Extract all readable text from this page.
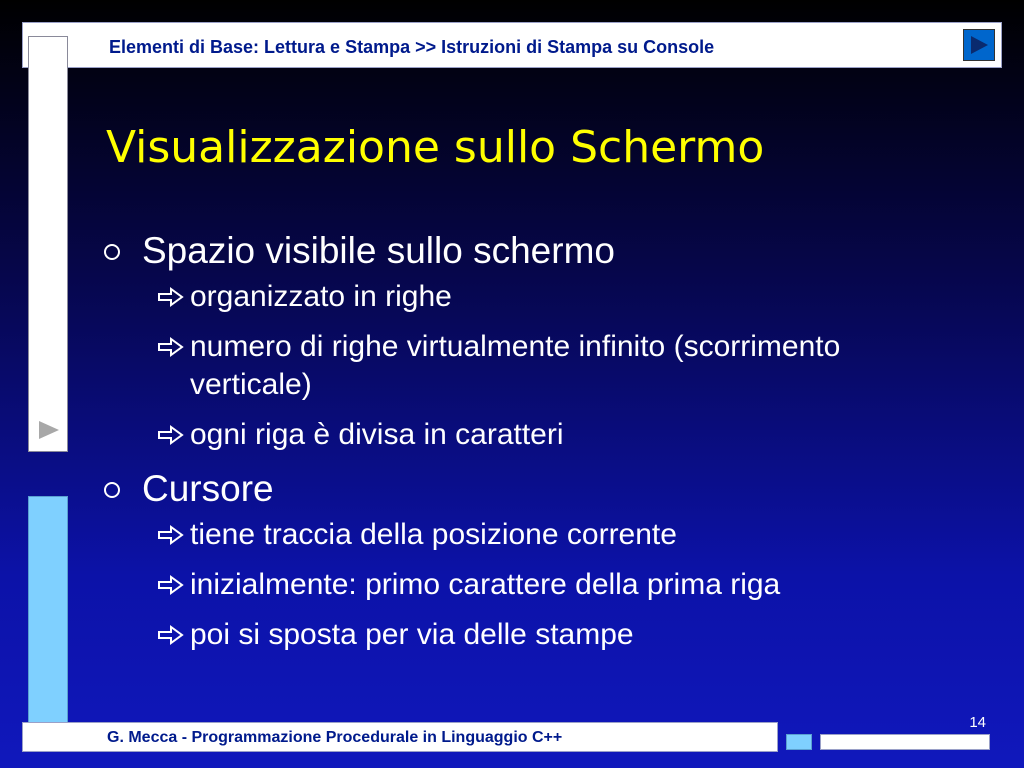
Elementi di Base: Lettura e Stampa >> Istruzioni di Stampa su Console
Visualizzazione sullo Schermo
Spazio visibile sullo schermo
organizzato in righe
numero di righe virtualmente infinito (scorrimento verticale)
ogni riga è divisa in caratteri
Cursore
tiene traccia della posizione corrente
inizialmente: primo carattere della prima riga
poi si sposta per via delle stampe
14
G. Mecca - Programmazione Procedurale in Linguaggio C++
